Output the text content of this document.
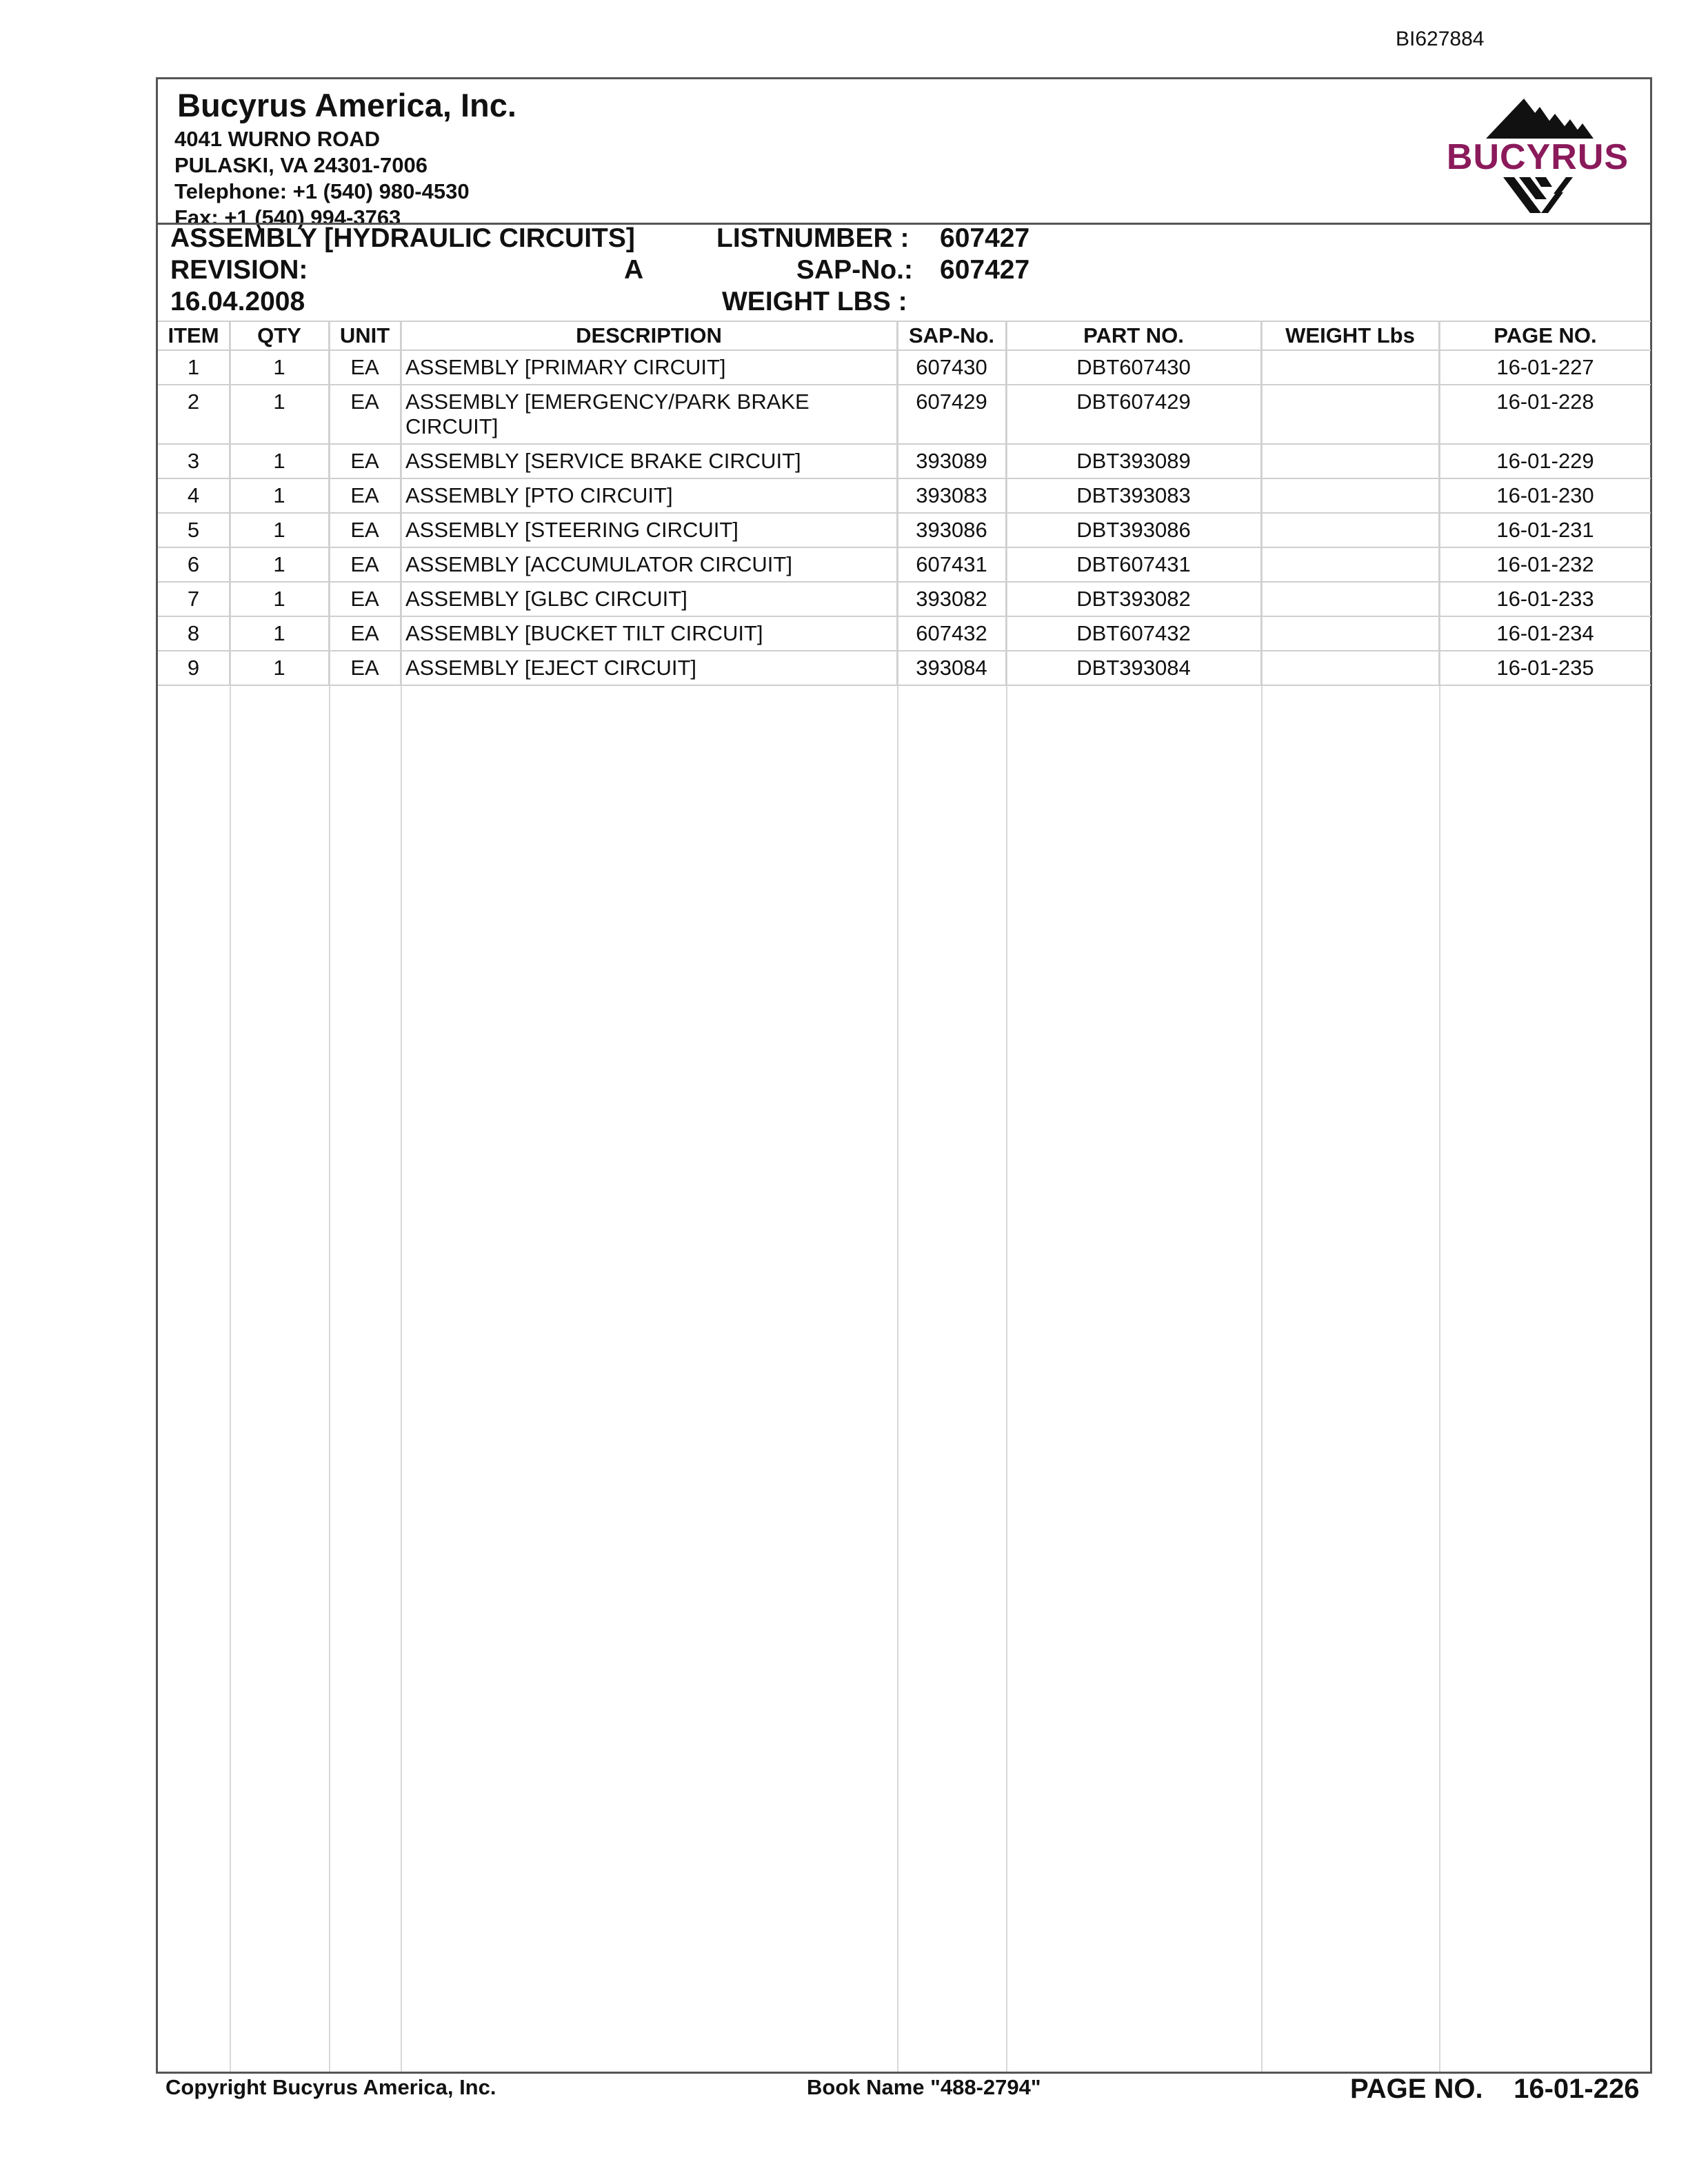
BI627884
Bucyrus America, Inc.
4041 WURNO ROAD
PULASKI, VA 24301-7006
Telephone: +1 (540) 980-4530
Fax: +1 (540) 994-3763
BUCYRUS
ASSEMBLY [HYDRAULIC CIRCUITS]
REVISION:	A
16.04.2008
LISTNUMBER : 607427
SAP-No.: 607427
WEIGHT LBS :
ITEM	QTY	UNIT	DESCRIPTION	SAP-No.	PART NO.	WEIGHT Lbs	PAGE NO.
1	1	EA	ASSEMBLY [PRIMARY CIRCUIT]	607430	DBT607430		16-01-227
2	1	EA	ASSEMBLY [EMERGENCY/PARK BRAKE CIRCUIT]	607429	DBT607429		16-01-228
3	1	EA	ASSEMBLY [SERVICE BRAKE CIRCUIT]	393089	DBT393089		16-01-229
4	1	EA	ASSEMBLY [PTO CIRCUIT]	393083	DBT393083		16-01-230
5	1	EA	ASSEMBLY [STEERING CIRCUIT]	393086	DBT393086		16-01-231
6	1	EA	ASSEMBLY [ACCUMULATOR CIRCUIT]	607431	DBT607431		16-01-232
7	1	EA	ASSEMBLY [GLBC CIRCUIT]	393082	DBT393082		16-01-233
8	1	EA	ASSEMBLY [BUCKET TILT CIRCUIT]	607432	DBT607432		16-01-234
9	1	EA	ASSEMBLY [EJECT CIRCUIT]	393084	DBT393084		16-01-235
Copyright Bucyrus America, Inc.	Book Name "488-2794"	PAGE NO. 16-01-226
